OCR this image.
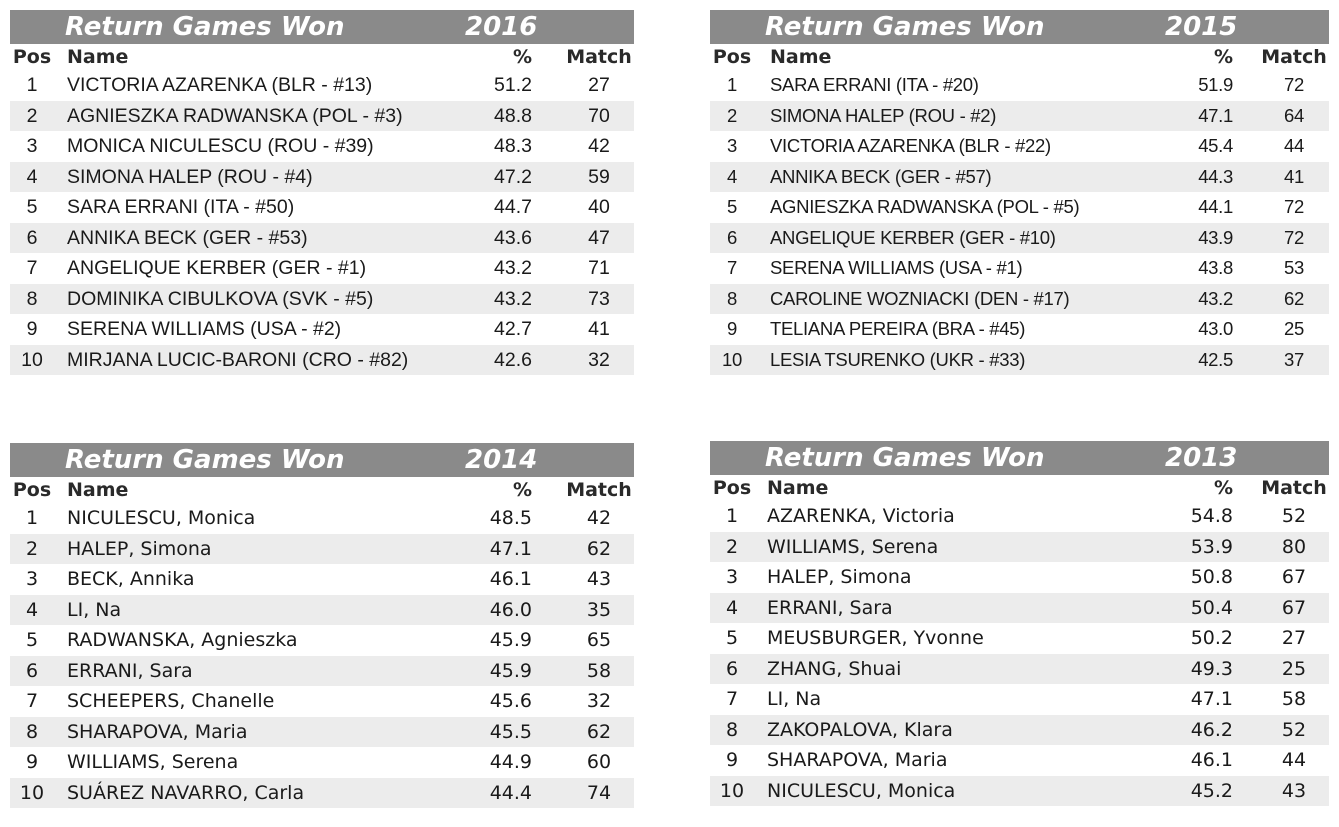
Return Games Won	2016
Pos Name	% Match
1	VICTORIA AZARENKA (BLR - #13)	51.2	27
2	AGNIESZKA RADWANSKA (POL - #3)	48.8	70
3	MONICA NICULESCU (ROU - #39)	48.3	42
4	SIMONA HALEP (ROU - #4)	47.2	59
5	SARA ERRANI (ITA - #50)	44.7	40
6	ANNIKA BECK (GER - #53)	43.6	47
7	ANGELIQUE KERBER (GER - #1)	43.2	71
8	DOMINIKA CIBULKOVA (SVK - #5)	43.2	73
9	SERENA WILLIAMS (USA - #2)	42.7	41
10	MIRJANA LUCIC-BARONI (CRO - #82)	42.6	32
Return Games Won	2015
Pos Name	% Match
1	SARA ERRANI (ITA - #20)	51.9	72
2	SIMONA HALEP (ROU - #2)	47.1	64
3	VICTORIA AZARENKA (BLR - #22)	45.4	44
4	ANNIKA BECK (GER - #57)	44.3	41
5	AGNIESZKA RADWANSKA (POL - #5)	44.1	72
6	ANGELIQUE KERBER (GER - #10)	43.9	72
7	SERENA WILLIAMS (USA - #1)	43.8	53
8	CAROLINE WOZNIACKI (DEN - #17)	43.2	62
9	TELIANA PEREIRA (BRA - #45)	43.0	25
10	LESIA TSURENKO (UKR - #33)	42.5	37
Return Games Won	2014
Pos Name	% Match
1	NICULESCU, Monica	48.5	42
2	HALEP, Simona	47.1	62
3	BECK, Annika	46.1	43
4	LI, Na	46.0	35
5	RADWANSKA, Agnieszka	45.9	65
6	ERRANI, Sara	45.9	58
7	SCHEEPERS, Chanelle	45.6	32
8	SHARAPOVA, Maria	45.5	62
9	WILLIAMS, Serena	44.9	60
10	SUÁREZ NAVARRO, Carla	44.4	74
Return Games Won	2013
Pos Name	% Match
1	AZARENKA, Victoria	54.8	52
2	WILLIAMS, Serena	53.9	80
3	HALEP, Simona	50.8	67
4	ERRANI, Sara	50.4	67
5	MEUSBURGER, Yvonne	50.2	27
6	ZHANG, Shuai	49.3	25
7	LI, Na	47.1	58
8	ZAKOPALOVA, Klara	46.2	52
9	SHARAPOVA, Maria	46.1	44
10	NICULESCU, Monica	45.2	43
